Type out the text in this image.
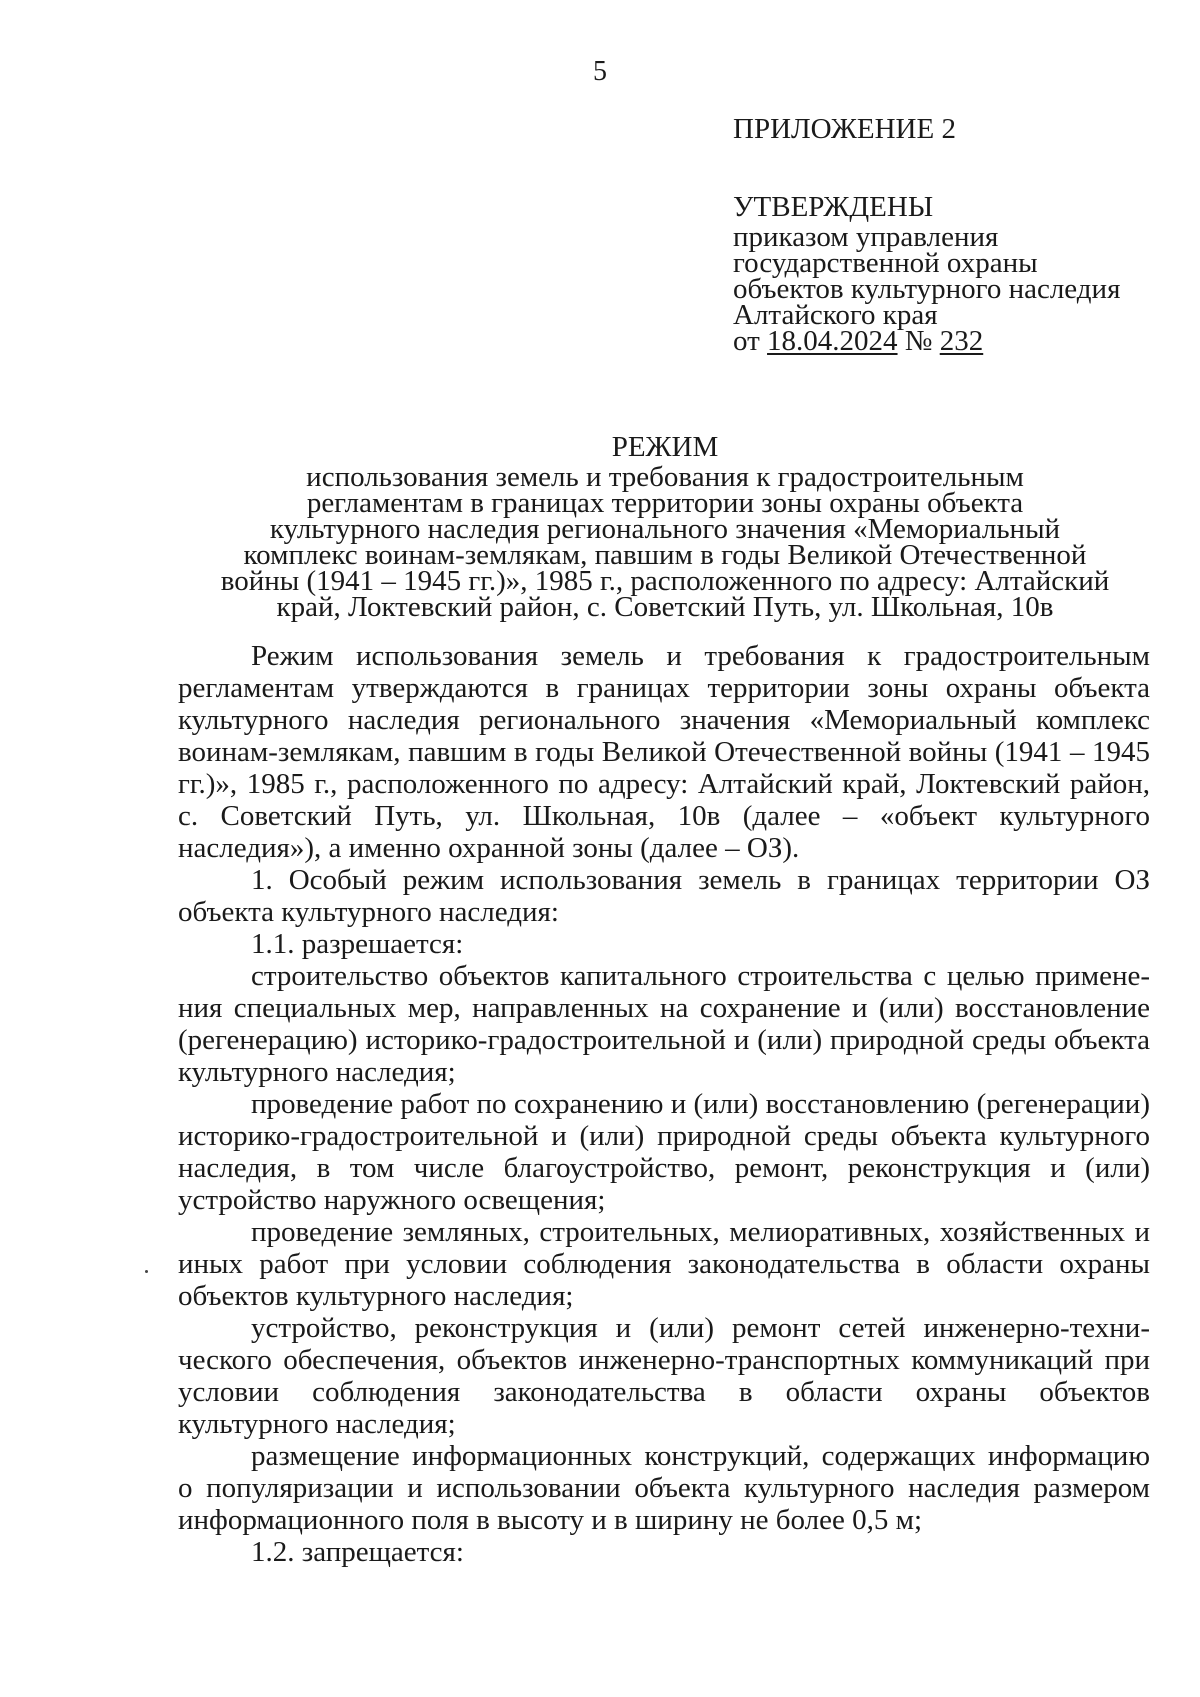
5

ПРИЛОЖЕНИЕ 2

УТВЕРЖДЕНЫ

приказом управления

государственной охраны

объектов культурного наследия

Алтайского края

от 18.04.2024 № 232

РЕЖИМ

использования земель и требования к градостроительным

регламентам в границах территории зоны охраны объекта

культурного наследия регионального значения «Мемориальный

комплекс воинам-землякам, павшим в годы Великой Отечественной

войны (1941 – 1945 гг.)», 1985 г., расположенного по адресу: Алтайский

край, Локтевский район, с. Советский Путь, ул. Школьная, 10в

Режим использования земель и требования к градостроительным регламентам утверждаются в границах территории зоны охраны объекта культурного наследия регионального значения «Мемориальный комплекс воинам-землякам, павшим в годы Великой Отечественной войны (1941 – 1945 гг.)», 1985 г., расположенного по адресу: Алтайский край, Локтевский район, с. Советский Путь, ул. Школьная, 10в (далее – «объект культурного наследия»), а именно охранной зоны (далее – ОЗ).

1. Особый режим использования земель в границах территории ОЗ объекта культурного наследия:

1.1. разрешается:

строительство объектов капитального строительства с целью примене-ния специальных мер, направленных на сохранение и (или) восстановление (регенерацию) историко-градостроительной и (или) природной среды объекта культурного наследия;

проведение работ по сохранению и (или) восстановлению (регенерации) историко-градостроительной и (или) природной среды объекта культурного наследия, в том числе благоустройство, ремонт, реконструкция и (или) устройство наружного освещения;

проведение земляных, строительных, мелиоративных, хозяйственных и иных работ при условии соблюдения законодательства в области охраны объектов культурного наследия;

устройство, реконструкция и (или) ремонт сетей инженерно-техни-ческого обеспечения, объектов инженерно-транспортных коммуникаций при условии соблюдения законодательства в области охраны объектов культурного наследия;

размещение информационных конструкций, содержащих информацию о популяризации и использовании объекта культурного наследия размером информационного поля в высоту и в ширину не более 0,5 м;

1.2. запрещается:
